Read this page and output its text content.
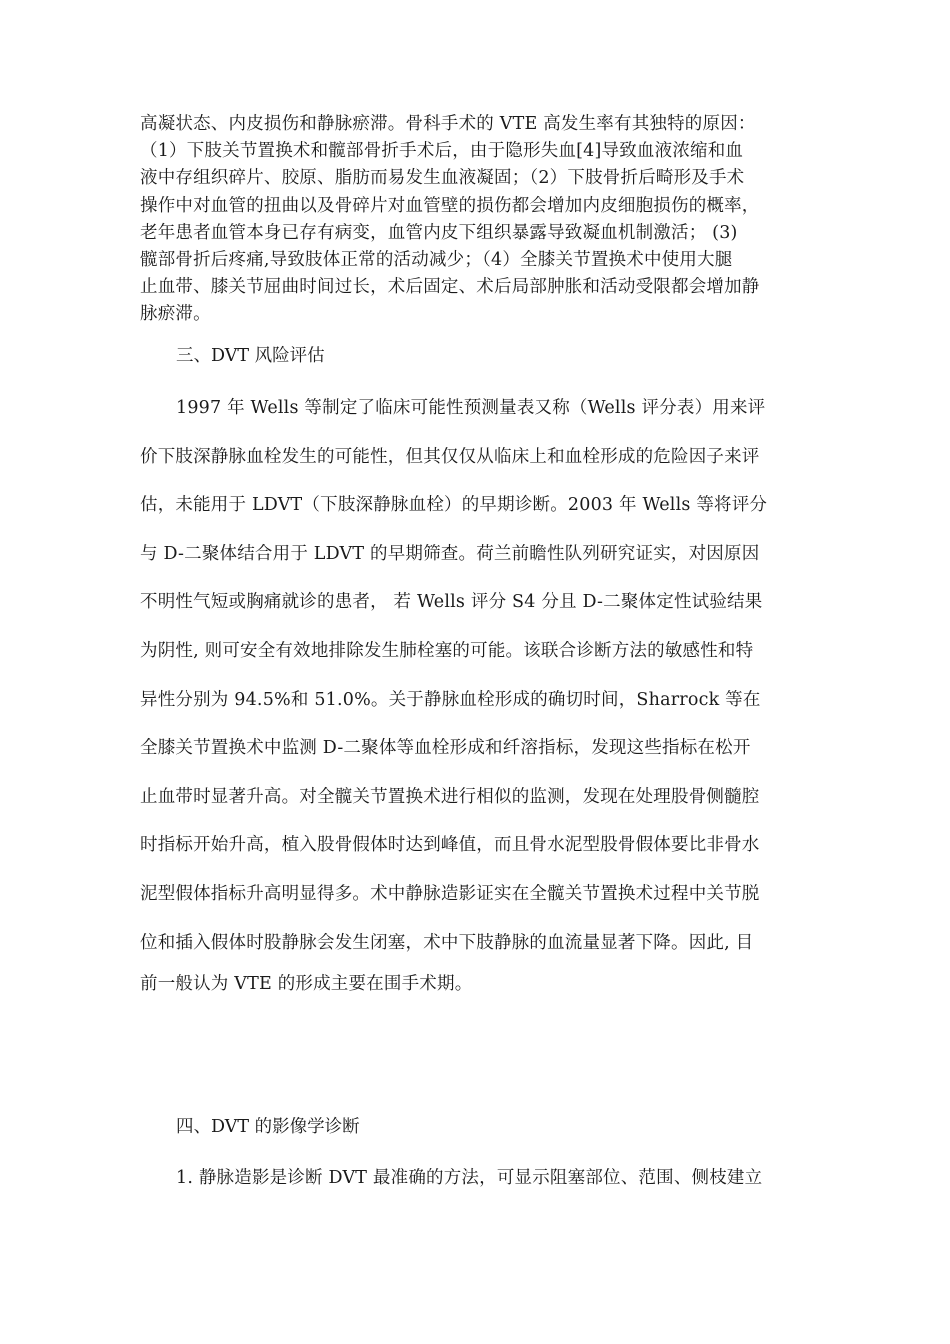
高凝状态、内皮损伤和静脉瘀滞。骨科手术的 VTE 高发生率有其独特的原因：
（1）下肢关节置换术和髋部骨折手术后，由于隐形失血[4]导致血液浓缩和血
液中存组织碎片、胶原、脂肪而易发生血液凝固；（2）下肢骨折后畸形及手术
操作中对血管的扭曲以及骨碎片对血管壁的损伤都会增加内皮细胞损伤的概率，
老年患者血管本身已存有病变，血管内皮下组织暴露导致凝血机制激活； (3)
髋部骨折后疼痛,导致肢体正常的活动减少；（4）全膝关节置换术中使用大腿
止血带、膝关节屈曲时间过长，术后固定、术后局部肿胀和活动受限都会增加静
脉瘀滞。
三、DVT 风险评估
1997 年 Wells 等制定了临床可能性预测量表又称（Wells 评分表）用来评
价下肢深静脉血栓发生的可能性，但其仅仅从临床上和血栓形成的危险因子来评
估，未能用于 LDVT（下肢深静脉血栓）的早期诊断。2003 年 Wells 等将评分
与 D-二聚体结合用于 LDVT 的早期筛查。荷兰前瞻性队列研究证实，对因原因
不明性气短或胸痛就诊的患者， 若 Wells 评分 S4 分且 D-二聚体定性试验结果
为阴性, 则可安全有效地排除发生肺栓塞的可能。该联合诊断方法的敏感性和特
异性分别为 94.5%和 51.0%。关于静脉血栓形成的确切时间，Sharrock 等在
全膝关节置换术中监测 D-二聚体等血栓形成和纤溶指标，发现这些指标在松开
止血带时显著升高。对全髋关节置换术进行相似的监测，发现在处理股骨侧髓腔
时指标开始升高，植入股骨假体时达到峰值，而且骨水泥型股骨假体要比非骨水
泥型假体指标升高明显得多。术中静脉造影证实在全髋关节置换术过程中关节脱
位和插入假体时股静脉会发生闭塞，术中下肢静脉的血流量显著下降。因此, 目
前一般认为 VTE 的形成主要在围手术期。
四、DVT 的影像学诊断
1. 静脉造影是诊断 DVT 最准确的方法，可显示阻塞部位、范围、侧枝建立
